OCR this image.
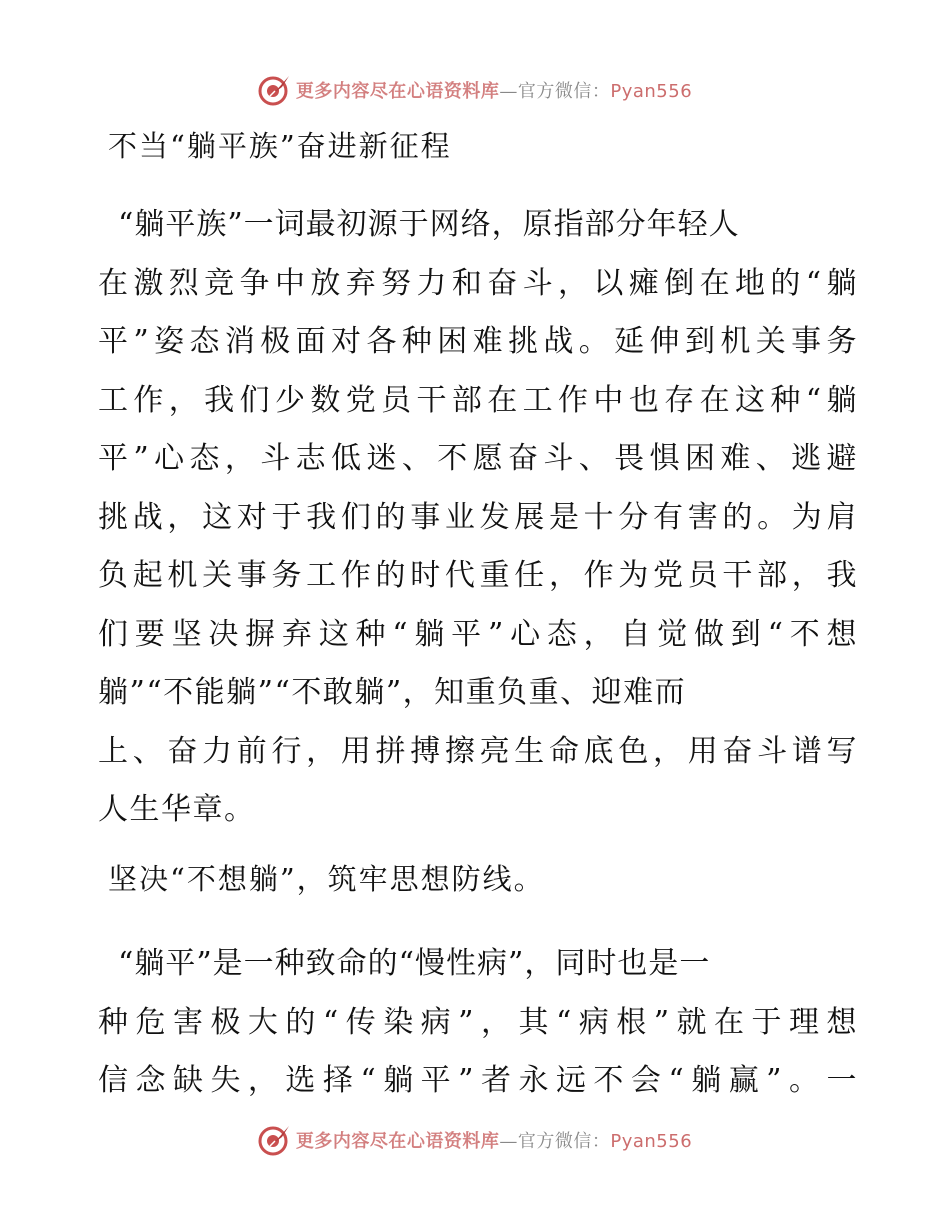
更多内容尽在心语资料库—官方微信：Pyan556
不当“躺平族”奋进新征程
“躺平族”一词最初源于网络，原指部分年轻人
在激烈竞争中放弃努力和奋斗，以瘫倒在地的“躺
平”姿态消极面对各种困难挑战。延伸到机关事务
工作，我们少数党员干部在工作中也存在这种“躺
平”心态，斗志低迷、不愿奋斗、畏惧困难、逃避
挑战，这对于我们的事业发展是十分有害的。为肩
负起机关事务工作的时代重任，作为党员干部，我
们要坚决摒弃这种“躺平”心态，自觉做到“不想
躺”“不能躺”“不敢躺”，知重负重、迎难而
上、奋力前行，用拼搏擦亮生命底色，用奋斗谱写
人生华章。
坚决“不想躺”，筑牢思想防线。
“躺平”是一种致命的“慢性病”，同时也是一
种危害极大的“传染病”，其“病根”就在于理想
信念缺失，选择“躺平”者永远不会“躺赢”。一
更多内容尽在心语资料库—官方微信：Pyan556
